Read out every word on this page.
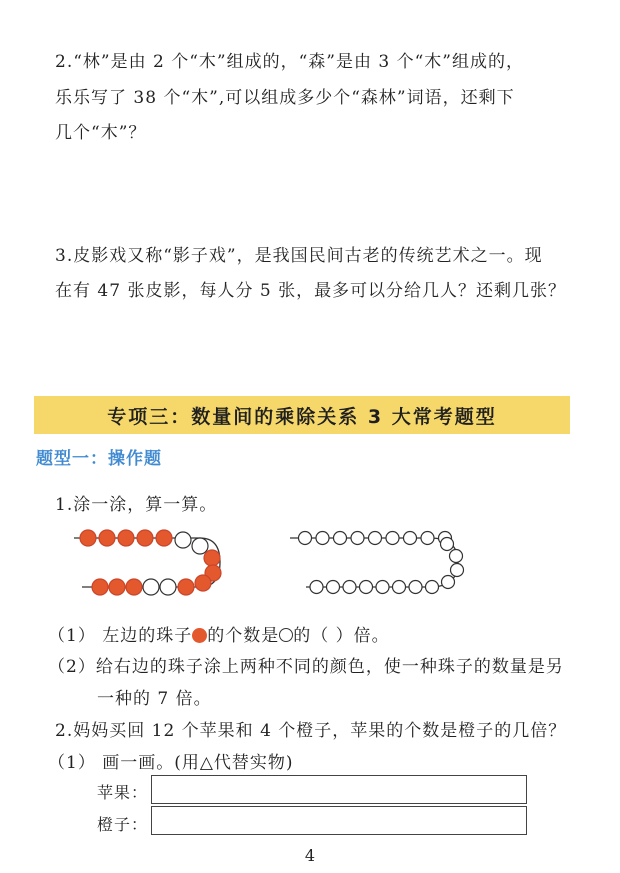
2.“林”是由 2 个“木”组成的，“森”是由 3 个“木”组成的，
乐乐写了 38 个“木”,可以组成多少个“森林”词语，还剩下
几个“木”？
3.皮影戏又称“影子戏”，是我国民间古老的传统艺术之一。现
在有 47 张皮影，每人分 5 张，最多可以分给几人？还剩几张？
专项三：数量间的乘除关系 3 大常考题型
题型一：操作题
1.涂一涂，算一算。
（1） 左边的珠子 的个数是 的（ ）倍。
（2）给右边的珠子涂上两种不同的颜色，使一种珠子的数量是另
一种的 7 倍。
2.妈妈买回 12 个苹果和 4 个橙子，苹果的个数是橙子的几倍？
（1） 画一画。(用△代替实物)
苹果：
橙子：
4
